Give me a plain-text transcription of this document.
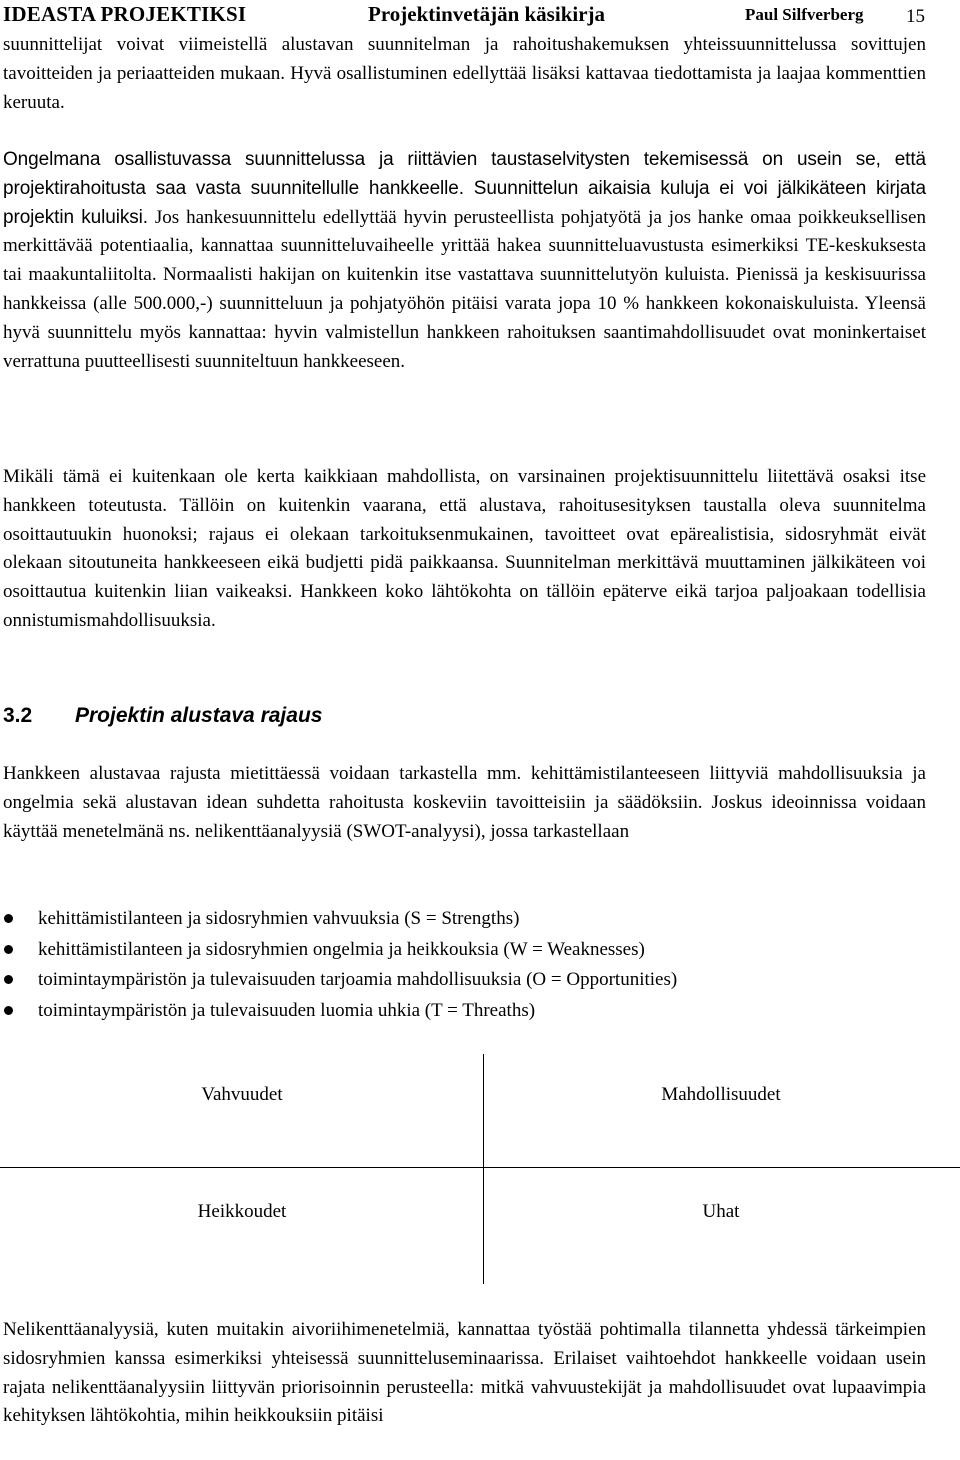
IDEASTA PROJEKTIKSI	Projektinvetäjän käsikirja	Paul Silfverberg 15

suunnittelijat voivat viimeistellä alustavan suunnitelman ja rahoitushakemuksen yhteissuunnittelussa sovittujen tavoitteiden ja periaatteiden mukaan. Hyvä osallistuminen edellyttää lisäksi kattavaa tiedottamista ja laajaa kommenttien keruuta.

Ongelmana osallistuvassa suunnittelussa ja riittävien taustaselvitysten tekemisessä on usein se, että projektirahoitusta saa vasta suunnitellulle hankkeelle. Suunnittelun aikaisia kuluja ei voi jälkikäteen kirjata projektin kuluiksi. Jos hankesuunnittelu edellyttää hyvin perusteellista pohjatyötä ja jos hanke omaa poikkeuksellisen merkittävää potentiaalia, kannattaa suunnitteluvaiheelle yrittää hakea suunnitteluavustusta esimerkiksi TE-keskuksesta tai maakuntaliitolta. Normaalisti hakijan on kuitenkin itse vastattava suunnittelutyön kuluista. Pienissä ja keskisuurissa hankkeissa (alle 500.000,-) suunnitteluun ja pohjatyöhön pitäisi varata jopa 10 % hankkeen kokonaiskuluista. Yleensä hyvä suunnittelu myös kannattaa: hyvin valmistellun hankkeen rahoituksen saantimahdollisuudet ovat moninkertaiset verrattuna puutteellisesti suunniteltuun hankkeeseen.

Mikäli tämä ei kuitenkaan ole kerta kaikkiaan mahdollista, on varsinainen projektisuunnittelu liitettävä osaksi itse hankkeen toteutusta. Tällöin on kuitenkin vaarana, että alustava, rahoitusesityksen taustalla oleva suunnitelma osoittautuukin huonoksi; rajaus ei olekaan tarkoituksenmukainen, tavoitteet ovat epärealistisia, sidosryhmät eivät olekaan sitoutuneita hankkeeseen eikä budjetti pidä paikkaansa. Suunnitelman merkittävä muuttaminen jälkikäteen voi osoittautua kuitenkin liian vaikeaksi. Hankkeen koko lähtökohta on tällöin epäterve eikä tarjoa paljoakaan todellisia onnistumismahdollisuuksia.

3.2 Projektin alustava rajaus

Hankkeen alustavaa rajusta mietittäessä voidaan tarkastella mm. kehittämistilanteeseen liittyviä mahdollisuuksia ja ongelmia sekä alustavan idean suhdetta rahoitusta koskeviin tavoitteisiin ja säädöksiin. Joskus ideoinnissa voidaan käyttää menetelmänä ns. nelikenttäanalyysiä (SWOT-analyysi), jossa tarkastellaan

kehittämistilanteen ja sidosryhmien vahvuuksia (S = Strengths)
kehittämistilanteen ja sidosryhmien ongelmia ja heikkouksia (W = Weaknesses)
toimintaympäristön ja tulevaisuuden tarjoamia mahdollisuuksia (O = Opportunities)
toimintaympäristön ja tulevaisuuden luomia uhkia (T = Threaths)
Vahvuudet	Mahdollisuudet
Heikkoudet	Uhat

Nelikenttäanalyysiä, kuten muitakin aivoriihimenetelmiä, kannattaa työstää pohtimalla tilannetta yhdessä tärkeimpien sidosryhmien kanssa esimerkiksi yhteisessä suunnitteluseminaarissa. Erilaiset vaihtoehdot hankkeelle voidaan usein rajata nelikenttäanalyysiin liittyvän priorisoinnin perusteella: mitkä vahvuustekijät ja mahdollisuudet ovat lupaavimpia kehityksen lähtökohtia, mihin heikkouksiin pitäisi
